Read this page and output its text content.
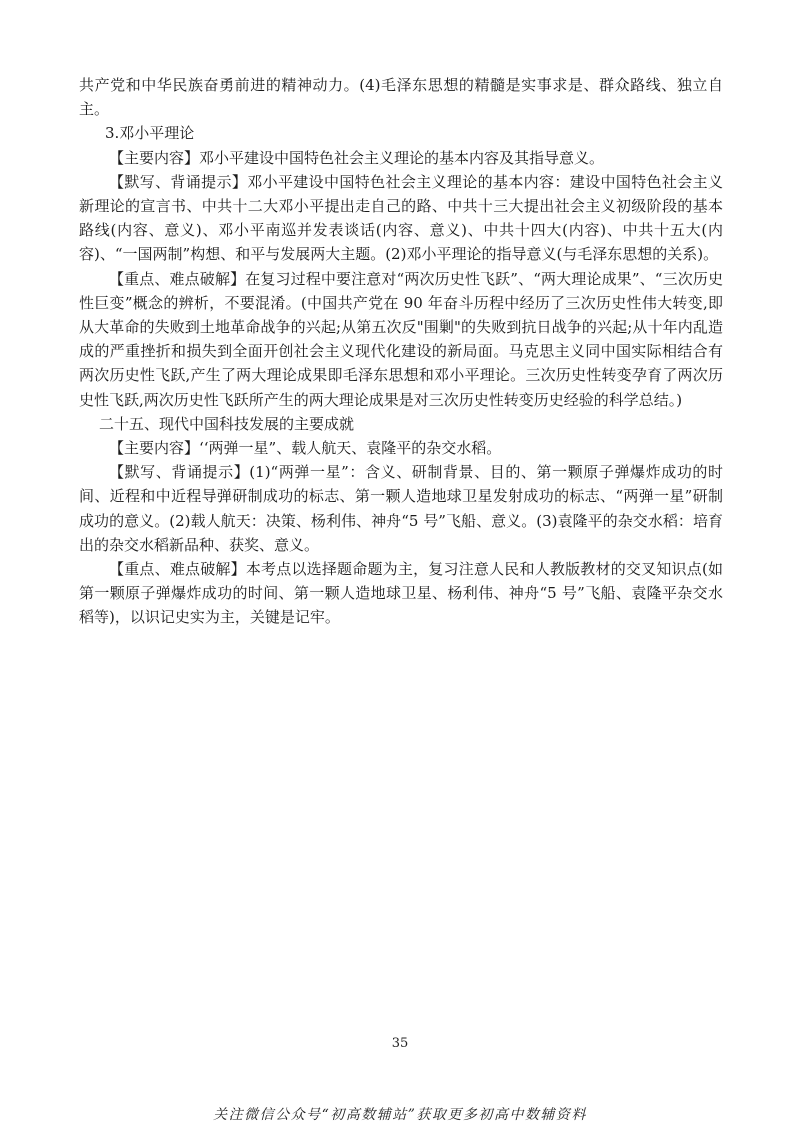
共产党和中华民族奋勇前进的精神动力。(4)毛泽东思想的精髓是实事求是、群众路线、独立自主。

3.邓小平理论

【主要内容】邓小平建设中国特色社会主义理论的基本内容及其指导意义。

【默写、背诵提示】邓小平建设中国特色社会主义理论的基本内容：建设中国特色社会主义新理论的宣言书、中共十二大邓小平提出走自己的路、中共十三大提出社会主义初级阶段的基本路线(内容、意义)、邓小平南巡并发表谈话(内容、意义)、中共十四大(内容)、中共十五大(内容)、“一国两制”构想、和平与发展两大主题。(2)邓小平理论的指导意义(与毛泽东思想的关系)。

【重点、难点破解】在复习过程中要注意对“两次历史性飞跃”、“两大理论成果”、“三次历史性巨变”概念的辨析，不要混淆。(中国共产党在 90 年奋斗历程中经历了三次历史性伟大转变,即从大革命的失败到土地革命战争的兴起;从第五次反"围剿"的失败到抗日战争的兴起;从十年内乱造成的严重挫折和损失到全面开创社会主义现代化建设的新局面。马克思主义同中国实际相结合有两次历史性飞跃,产生了两大理论成果即毛泽东思想和邓小平理论。三次历史性转变孕育了两次历史性飞跃,两次历史性飞跃所产生的两大理论成果是对三次历史性转变历史经验的科学总结。)

二十五、现代中国科技发展的主要成就

【主要内容】‘‘两弹一星”、载人航天、袁隆平的杂交水稻。

【默写、背诵提示】(1)“两弹一星”：含义、研制背景、目的、第一颗原子弹爆炸成功的时间、近程和中近程导弹研制成功的标志、第一颗人造地球卫星发射成功的标志、“两弹一星”研制成功的意义。(2)载人航天：决策、杨利伟、神舟“5 号”飞船、意义。(3)袁隆平的杂交水稻：培育出的杂交水稻新品种、获奖、意义。

【重点、难点破解】本考点以选择题命题为主，复习注意人民和人教版教材的交叉知识点(如第一颗原子弹爆炸成功的时间、第一颗人造地球卫星、杨利伟、神舟“5 号”飞船、袁隆平杂交水稻等)，以识记史实为主，关键是记牢。

35
关注微信公众号“初高数辅站”获取更多初高中数辅资料
